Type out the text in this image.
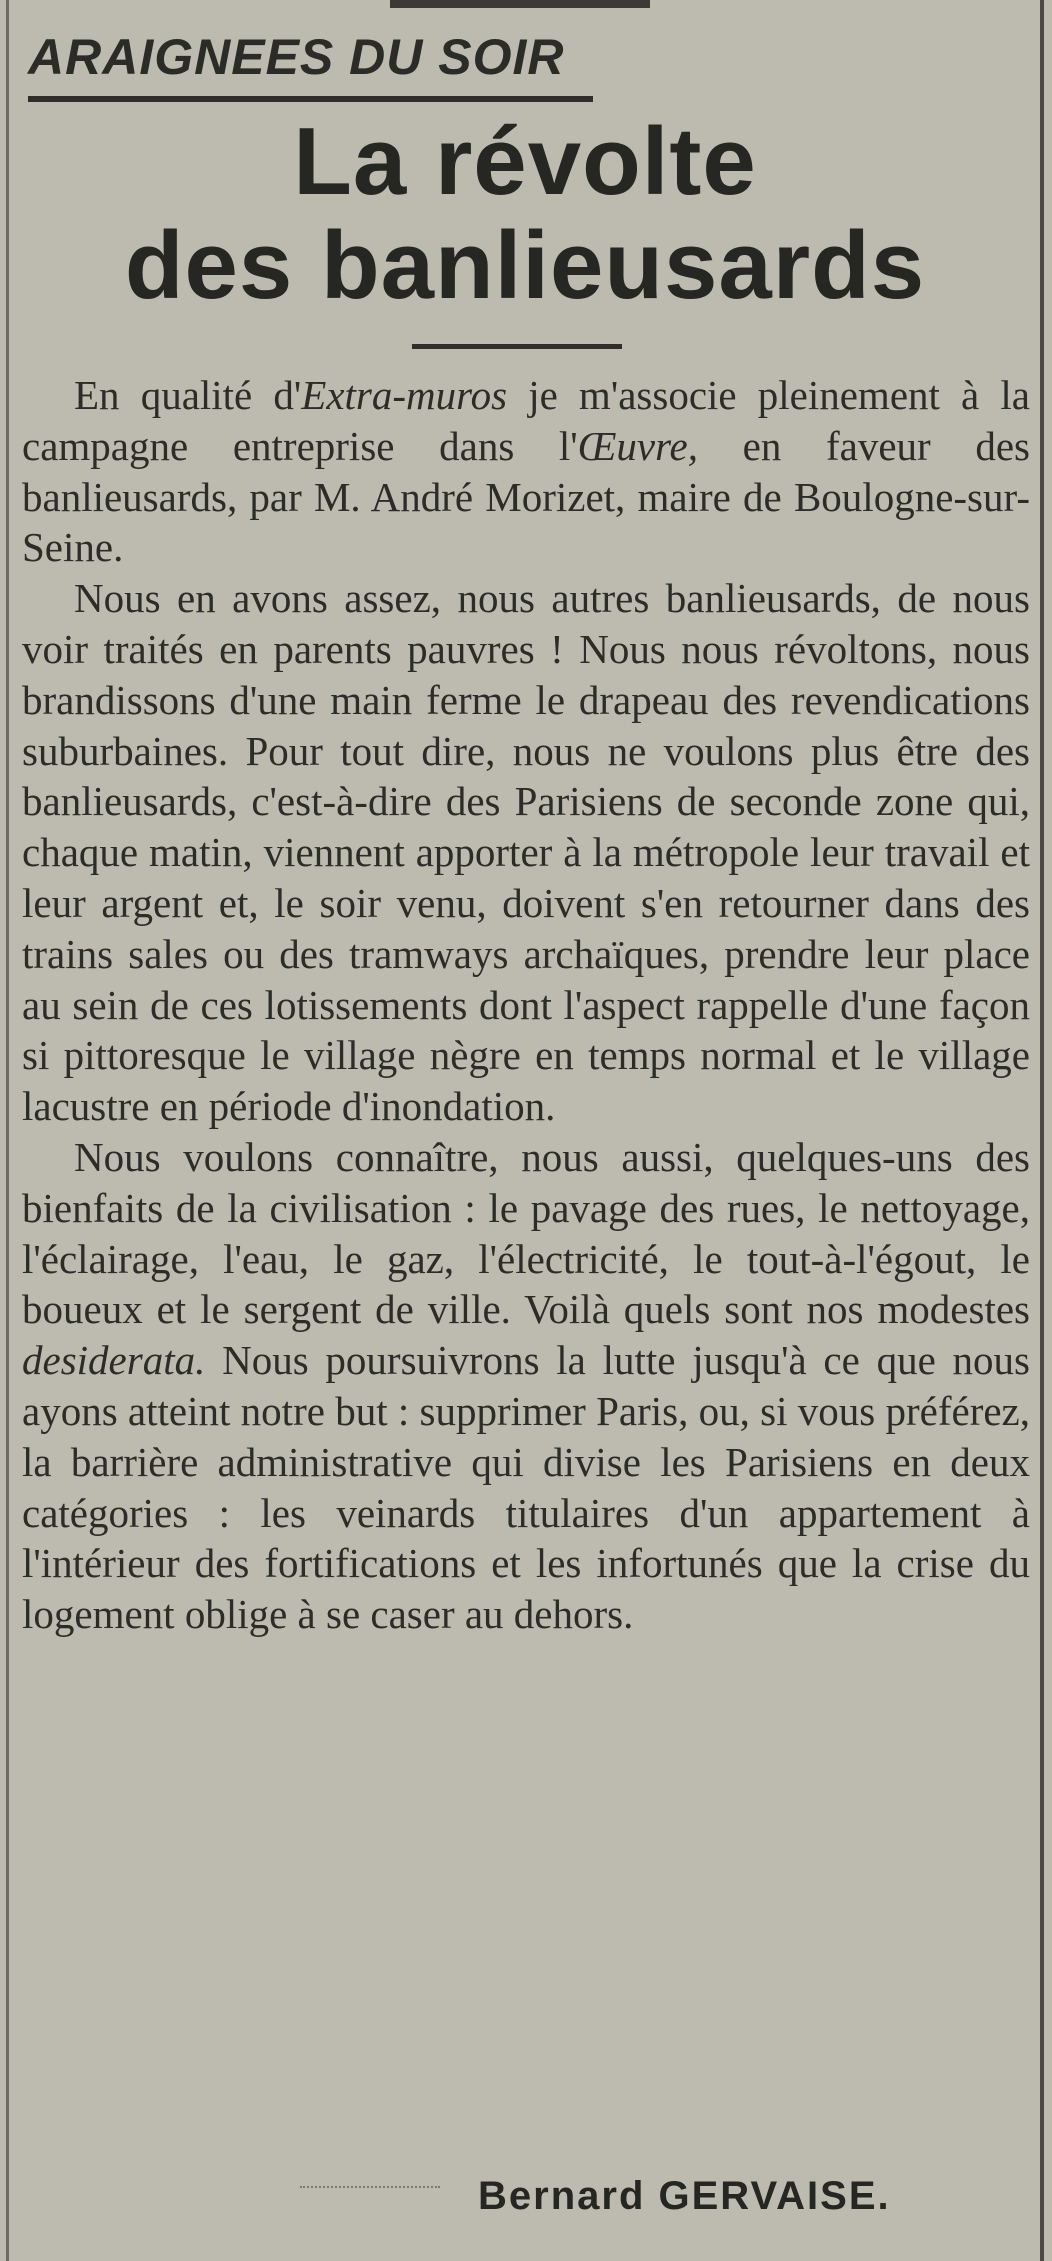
ARAIGNEES DU SOIR
La révolte
des banlieusards

En qualité d'Extra-muros je m'associe pleinement à la campagne entreprise dans l'Œuvre, en faveur des banlieusards, par M. André Morizet, maire de Boulogne-sur-Seine.

Nous en avons assez, nous autres banlieusards, de nous voir traités en parents pauvres ! Nous nous révoltons, nous brandissons d'une main ferme le drapeau des revendications suburbaines. Pour tout dire, nous ne voulons plus être des banlieusards, c'est-à-dire des Parisiens de seconde zone qui, chaque matin, viennent apporter à la métropole leur travail et leur argent et, le soir venu, doivent s'en retourner dans des trains sales ou des tramways archaïques, prendre leur place au sein de ces lotissements dont l'aspect rappelle d'une façon si pittoresque le village nègre en temps normal et le village lacustre en période d'inondation.

Nous voulons connaître, nous aussi, quelques-uns des bienfaits de la civilisation : le pavage des rues, le nettoyage, l'éclairage, l'eau, le gaz, l'électricité, le tout-à-l'égout, le boueux et le sergent de ville. Voilà quels sont nos modestes desiderata. Nous poursuivrons la lutte jusqu'à ce que nous ayons atteint notre but : supprimer Paris, ou, si vous préférez, la barrière administrative qui divise les Parisiens en deux catégories : les veinards titulaires d'un appartement à l'intérieur des fortifications et les infortunés que la crise du logement oblige à se caser au dehors.

Bernard GERVAISE.
